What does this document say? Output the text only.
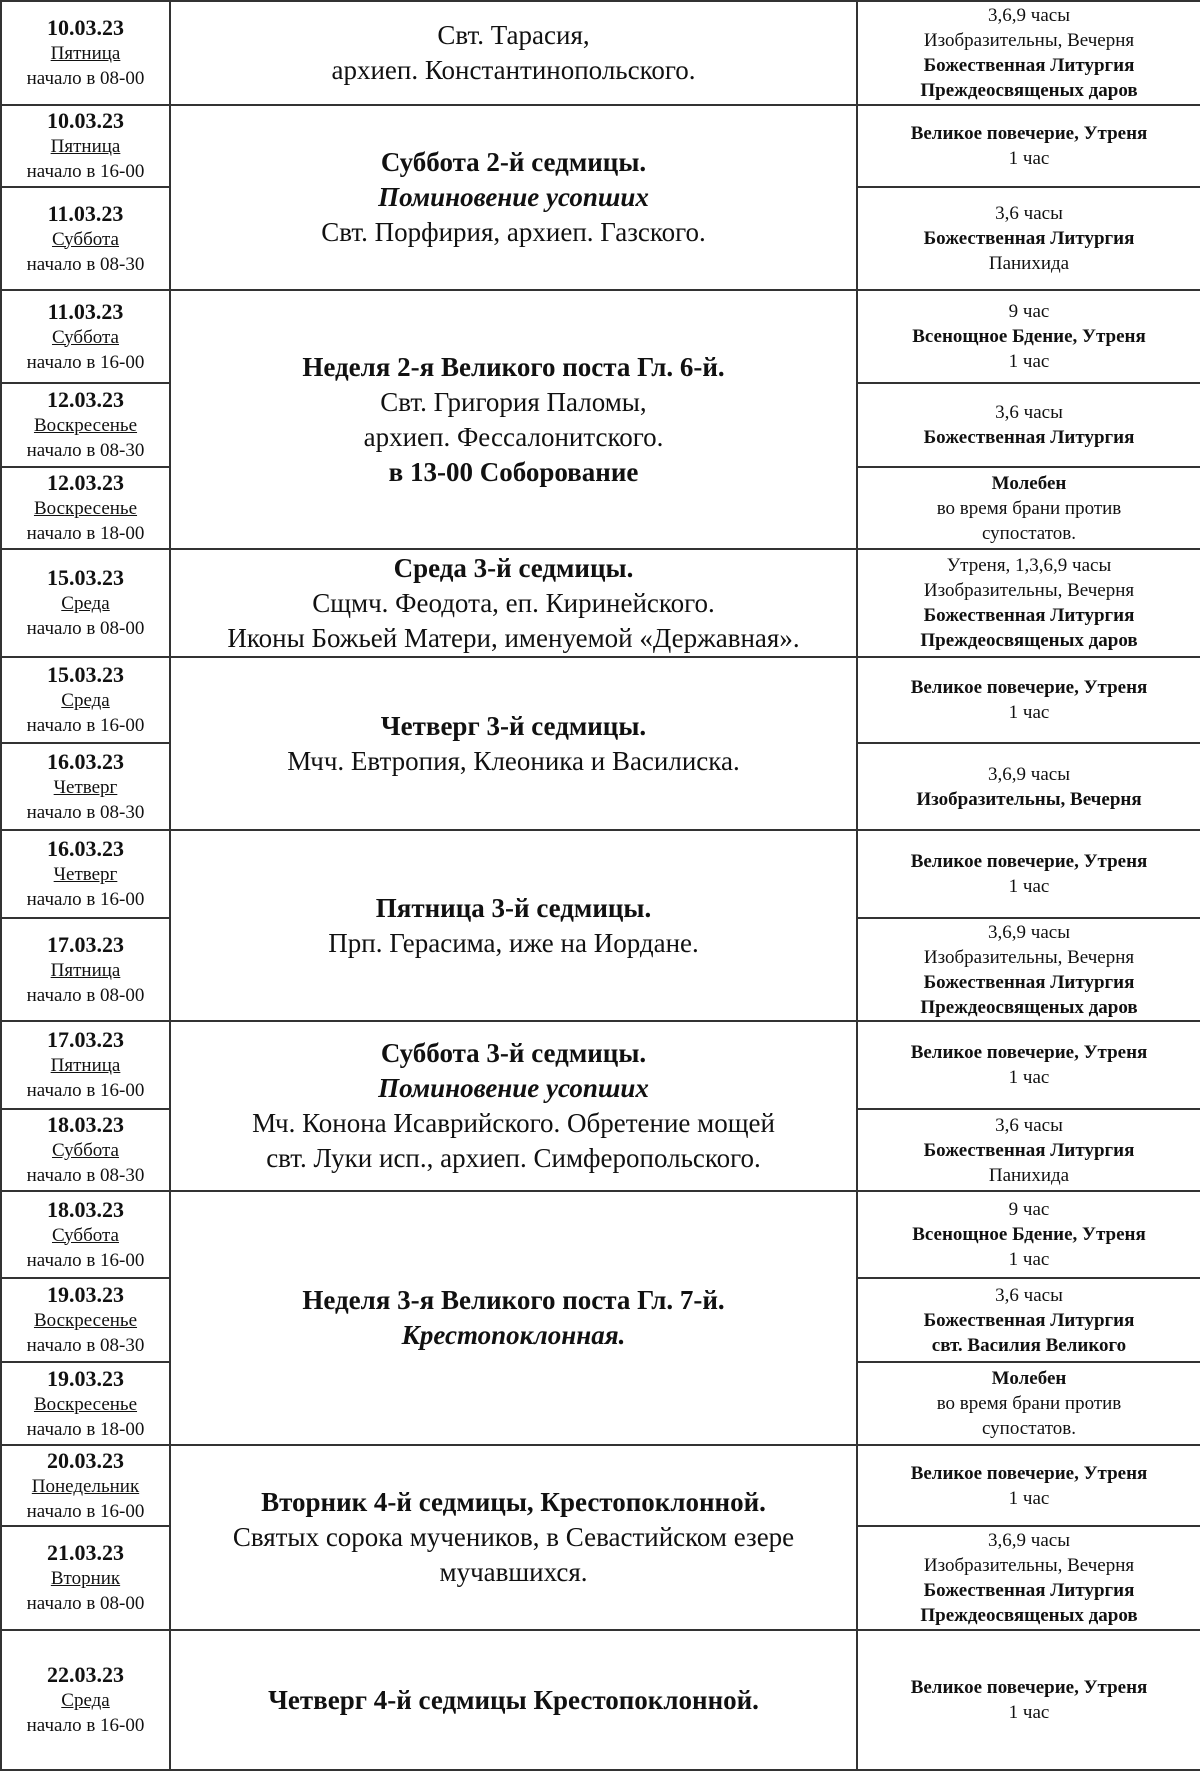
Свт. Тарасия,
архиеп. Константинопольского.
10.03.23
Пятница
начало в 08-00
3,6,9 часы
Изобразительны, Вечерня
Божественная Литургия
Преждеосвященых даров
Суббота 2-й седмицы.
Поминовение усопших
Свт. Порфирия, архиеп. Газского.
10.03.23
Пятница
начало в 16-00
Великое повечерие, Утреня
1 час
11.03.23
Суббота
начало в 08-30
3,6 часы
Божественная Литургия
Панихида
Неделя 2-я Великого поста Гл. 6-й.
Свт. Григория Паломы,
архиеп. Фессалонитского.
в 13-00 Соборование
11.03.23
Суббота
начало в 16-00
9 час
Всенощное Бдение, Утреня
1 час
12.03.23
Воскресенье
начало в 08-30
3,6 часы
Божественная Литургия
12.03.23
Воскресенье
начало в 18-00
Молебен
во время брани против
супостатов.
Среда 3-й седмицы.
Сщмч. Феодота, еп. Киринейского.
Иконы Божьей Матери, именуемой «Державная».
15.03.23
Среда
начало в 08-00
Утреня, 1,3,6,9 часы
Изобразительны, Вечерня
Божественная Литургия
Преждеосвященых даров
Четверг 3-й седмицы.
Мчч. Евтропия, Клеоника и Василиска.
15.03.23
Среда
начало в 16-00
Великое повечерие, Утреня
1 час
16.03.23
Четверг
начало в 08-30
3,6,9 часы
Изобразительны, Вечерня
Пятница 3-й седмицы.
Прп. Герасима, иже на Иордане.
16.03.23
Четверг
начало в 16-00
Великое повечерие, Утреня
1 час
17.03.23
Пятница
начало в 08-00
3,6,9 часы
Изобразительны, Вечерня
Божественная Литургия
Преждеосвященых даров
Суббота 3-й седмицы.
Поминовение усопших
Мч. Конона Исаврийского. Обретение мощей
свт. Луки исп., архиеп. Симферопольского.
17.03.23
Пятница
начало в 16-00
Великое повечерие, Утреня
1 час
18.03.23
Суббота
начало в 08-30
3,6 часы
Божественная Литургия
Панихида
Неделя 3-я Великого поста Гл. 7-й.
Крестопоклонная.
18.03.23
Суббота
начало в 16-00
9 час
Всенощное Бдение, Утреня
1 час
19.03.23
Воскресенье
начало в 08-30
3,6 часы
Божественная Литургия
свт. Василия Великого
19.03.23
Воскресенье
начало в 18-00
Молебен
во время брани против
супостатов.
Вторник 4-й седмицы, Крестопоклонной.
Святых сорока мучеников, в Севастийском езере
мучавшихся.
20.03.23
Понедельник
начало в 16-00
Великое повечерие, Утреня
1 час
21.03.23
Вторник
начало в 08-00
3,6,9 часы
Изобразительны, Вечерня
Божественная Литургия
Преждеосвященых даров
Четверг 4-й седмицы Крестопоклонной.
22.03.23
Среда
начало в 16-00
Великое повечерие, Утреня
1 час
